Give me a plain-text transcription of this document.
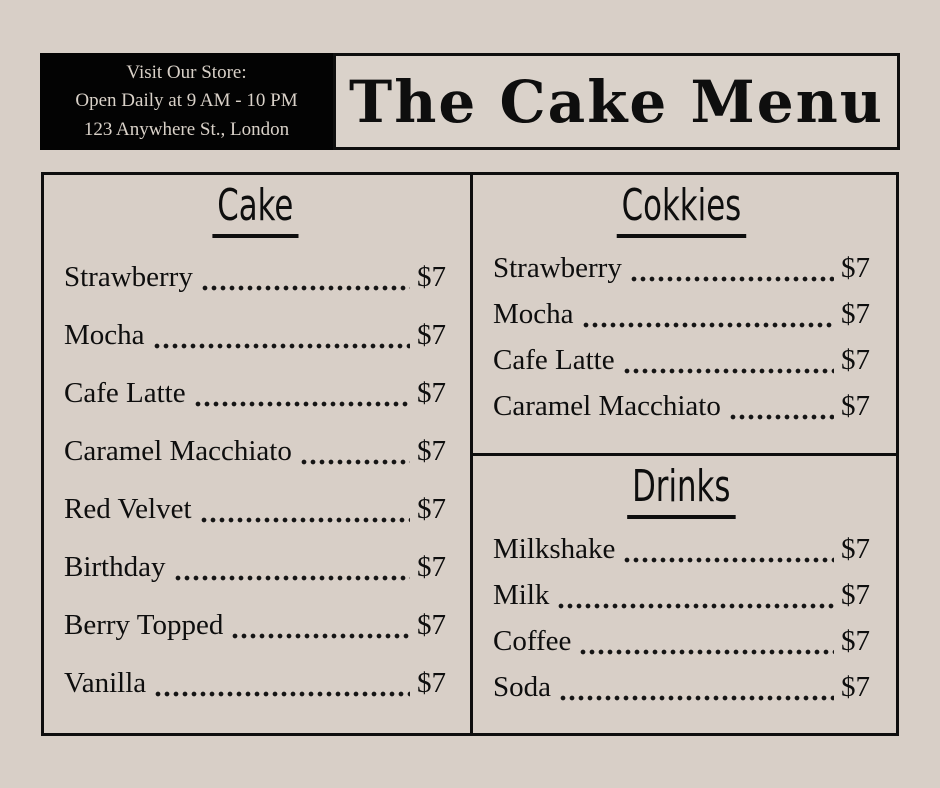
Visit Our Store:
Open Daily at 9 AM - 10 PM
123 Anywhere St., London	The Cake Menu
Cake
Strawberry	$7
Mocha	$7
Cafe Latte	$7
Caramel Macchiato	$7
Red Velvet	$7
Birthday	$7
Berry Topped	$7
Vanilla	$7
Cokkies
Strawberry	$7
Mocha	$7
Cafe Latte	$7
Caramel Macchiato	$7
Drinks
Milkshake	$7
Milk	$7
Coffee	$7
Soda	$7
